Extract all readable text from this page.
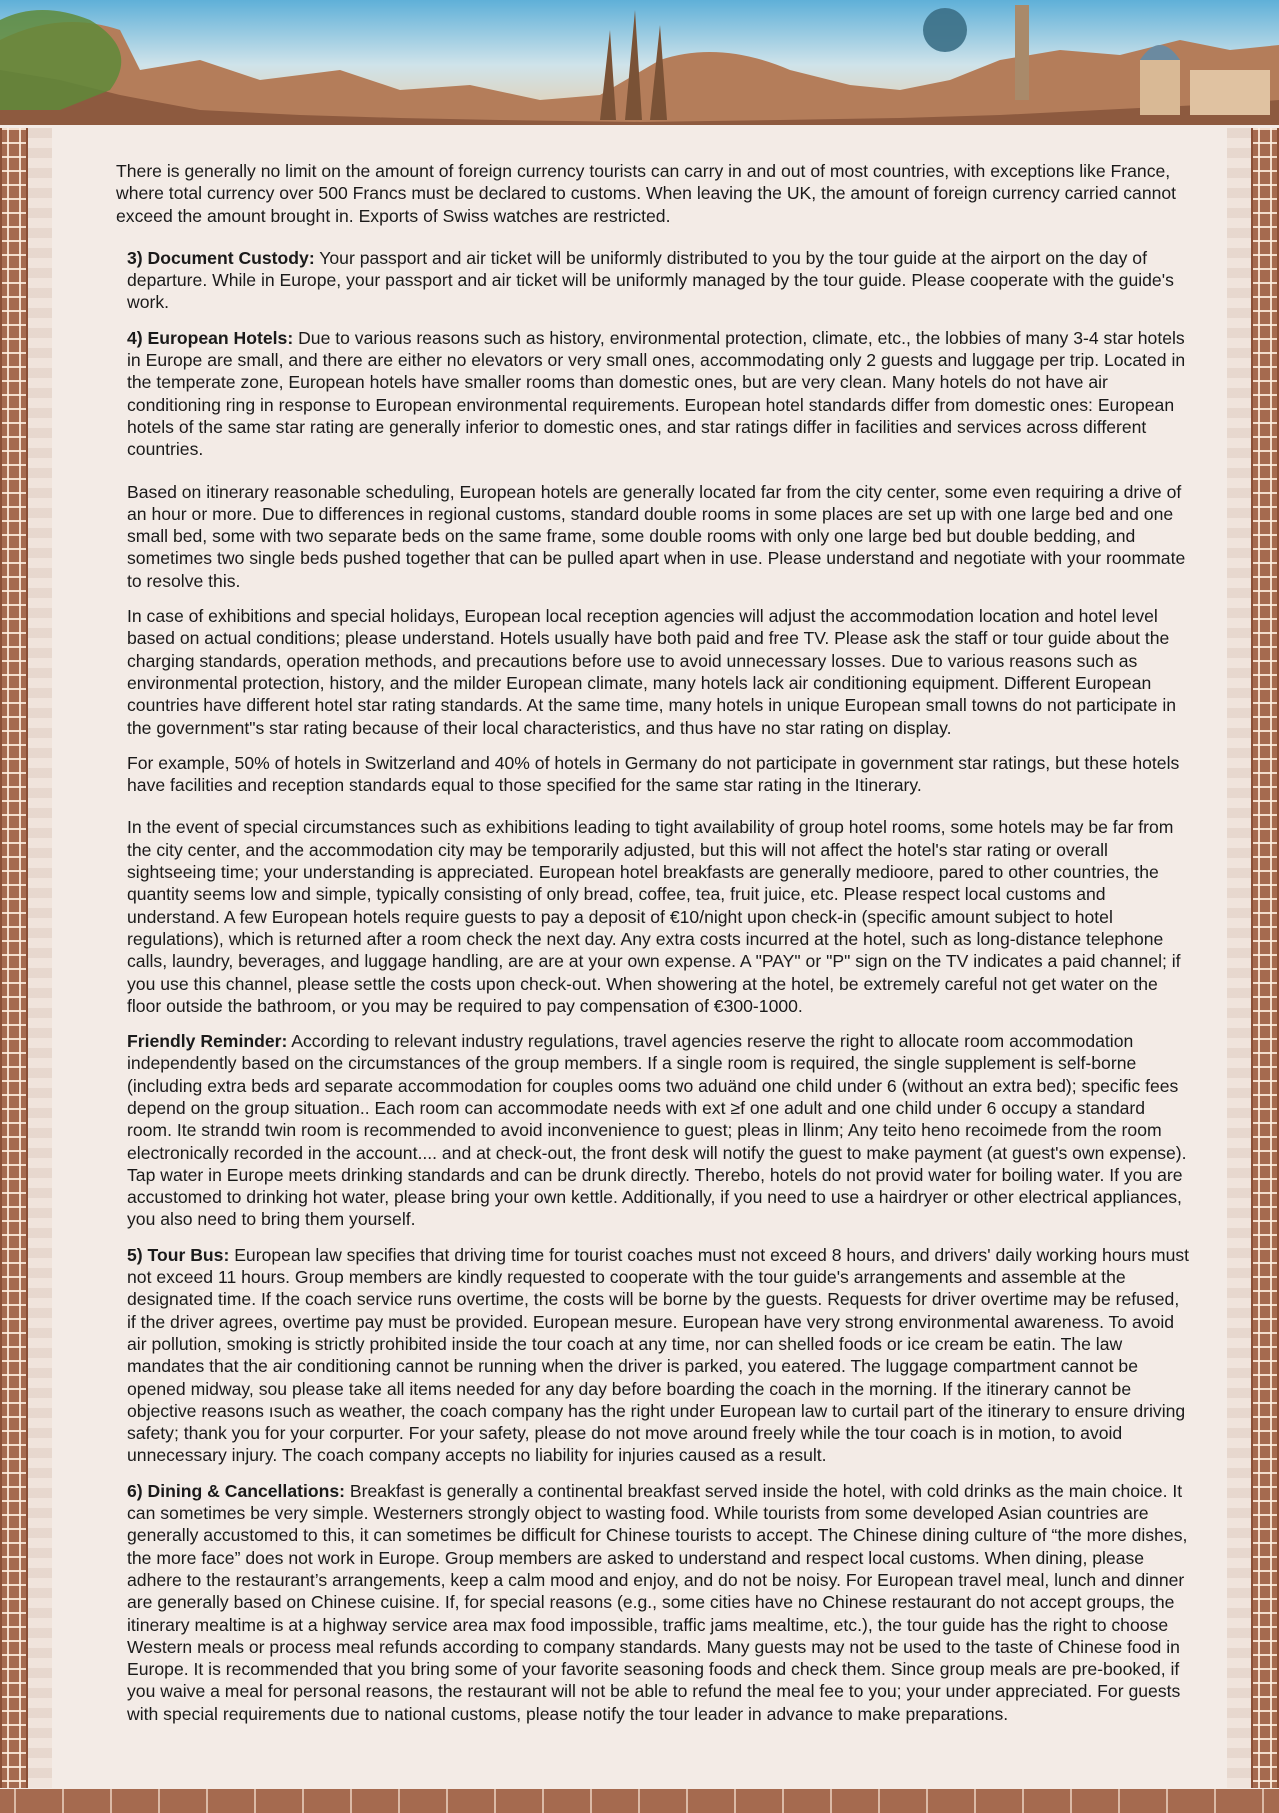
There is generally no limit on the amount of foreign currency tourists can carry in and out of most countries, with exceptions like France, where total currency over 500 Francs must be declared to customs. When leaving the UK, the amount of foreign currency carried cannot exceed the amount brought in. Exports of Swiss watches are restricted.

3) Document Custody: Your passport and air ticket will be uniformly distributed to you by the tour guide at the airport on the day of departure. While in Europe, your passport and air ticket will be uniformly managed by the tour guide. Please cooperate with the guide's work.

4) European Hotels: Due to various reasons such as history, environmental protection, climate, etc., the lobbies of many 3-4 star hotels in Europe are small, and there are either no elevators or very small ones, accommodating only 2 guests and luggage per trip. Located in the temperate zone, European hotels have smaller rooms than domestic ones, but are very clean. Many hotels do not have air conditioning ring in response to European environmental requirements. European hotel standards differ from domestic ones: European hotels of the same star rating are generally inferior to domestic ones, and star ratings differ in facilities and services across different countries.

Based on itinerary reasonable scheduling, European hotels are generally located far from the city center, some even requiring a drive of an hour or more. Due to differences in regional customs, standard double rooms in some places are set up with one large bed and one small bed, some with two separate beds on the same frame, some double rooms with only one large bed but double bedding, and sometimes two single beds pushed together that can be pulled apart when in use. Please understand and negotiate with your roommate to resolve this.

In case of exhibitions and special holidays, European local reception agencies will adjust the accommodation location and hotel level based on actual conditions; please understand. Hotels usually have both paid and free TV. Please ask the staff or tour guide about the charging standards, operation methods, and precautions before use to avoid unnecessary losses. Due to various reasons such as environmental protection, history, and the milder European climate, many hotels lack air conditioning equipment. Different European countries have different hotel star rating standards. At the same time, many hotels in unique European small towns do not participate in the government"s star rating because of their local characteristics, and thus have no star rating on display.

For example, 50% of hotels in Switzerland and 40% of hotels in Germany do not participate in government star ratings, but these hotels have facilities and reception standards equal to those specified for the same star rating in the Itinerary.

In the event of special circumstances such as exhibitions leading to tight availability of group hotel rooms, some hotels may be far from the city center, and the accommodation city may be temporarily adjusted, but this will not affect the hotel's star rating or overall sightseeing time; your understanding is appreciated. European hotel breakfasts are generally medioore, pared to other countries, the quantity seems low and simple, typically consisting of only bread, coffee, tea, fruit juice, etc. Please respect local customs and understand. A few European hotels require guests to pay a deposit of €10/night upon check-in (specific amount subject to hotel regulations), which is returned after a room check the next day. Any extra costs incurred at the hotel, such as long-distance telephone calls, laundry, beverages, and luggage handling, are are at your own expense. A "PAY" or "P" sign on the TV indicates a paid channel; if you use this channel, please settle the costs upon check-out. When showering at the hotel, be extremely careful not get water on the floor outside the bathroom, or you may be required to pay compensation of €300-1000.

Friendly Reminder: According to relevant industry regulations, travel agencies reserve the right to allocate room accommodation independently based on the circumstances of the group members. If a single room is required, the single supplement is self-borne (including extra beds ard separate accommodation for couples ooms two aduänd one child under 6 (without an extra bed); specific fees depend on the group situation.. Each room can accommodate needs with ext ≥f one adult and one child under 6 occupy a standard room. Ite strandd twin room is recommended to avoid inconvenience to guest; pleas in llinm; Any teito heno recoimede from the room electronically recorded in the account.... and at check-out, the front desk will notify the guest to make payment (at guest's own expense). Tap water in Europe meets drinking standards and can be drunk directly. Therebo, hotels do not provid water for boiling water. If you are accustomed to drinking hot water, please bring your own kettle. Additionally, if you need to use a hairdryer or other electrical appliances, you also need to bring them yourself.

5) Tour Bus: European law specifies that driving time for tourist coaches must not exceed 8 hours, and drivers' daily working hours must not exceed 11 hours. Group members are kindly requested to cooperate with the tour guide's arrangements and assemble at the designated time. If the coach service runs overtime, the costs will be borne by the guests. Requests for driver overtime may be refused, if the driver agrees, overtime pay must be provided. European mesure. European have very strong environmental awareness. To avoid air pollution, smoking is strictly prohibited inside the tour coach at any time, nor can shelled foods or ice cream be eatin. The law mandates that the air conditioning cannot be running when the driver is parked, you eatered. The luggage compartment cannot be opened midway, sou please take all items needed for any day before boarding the coach in the morning. If the itinerary cannot be objective reasons ısuch as weather, the coach company has the right under European law to curtail part of the itinerary to ensure driving safety; thank you for your corpurter. For your safety, please do not move around freely while the tour coach is in motion, to avoid unnecessary injury. The coach company accepts no liability for injuries caused as a result.

6) Dining & Cancellations: Breakfast is generally a continental breakfast served inside the hotel, with cold drinks as the main choice. It can sometimes be very simple. Westerners strongly object to wasting food. While tourists from some developed Asian countries are generally accustomed to this, it can sometimes be difficult for Chinese tourists to accept. The Chinese dining culture of “the more dishes, the more face” does not work in Europe. Group members are asked to understand and respect local customs. When dining, please adhere to the restaurant’s arrangements, keep a calm mood and enjoy, and do not be noisy. For European travel meal, lunch and dinner are generally based on Chinese cuisine. If, for special reasons (e.g., some cities have no Chinese restaurant do not accept groups, the itinerary mealtime is at a highway service area max food impossible, traffic jams mealtime, etc.), the tour guide has the right to choose Western meals or process meal refunds according to company standards. Many guests may not be used to the taste of Chinese food in Europe. It is recommended that you bring some of your favorite seasoning foods and check them. Since group meals are pre-booked, if you waive a meal for personal reasons, the restaurant will not be able to refund the meal fee to you; your under appreciated. For guests with special requirements due to national customs, please notify the tour leader in advance to make preparations.
